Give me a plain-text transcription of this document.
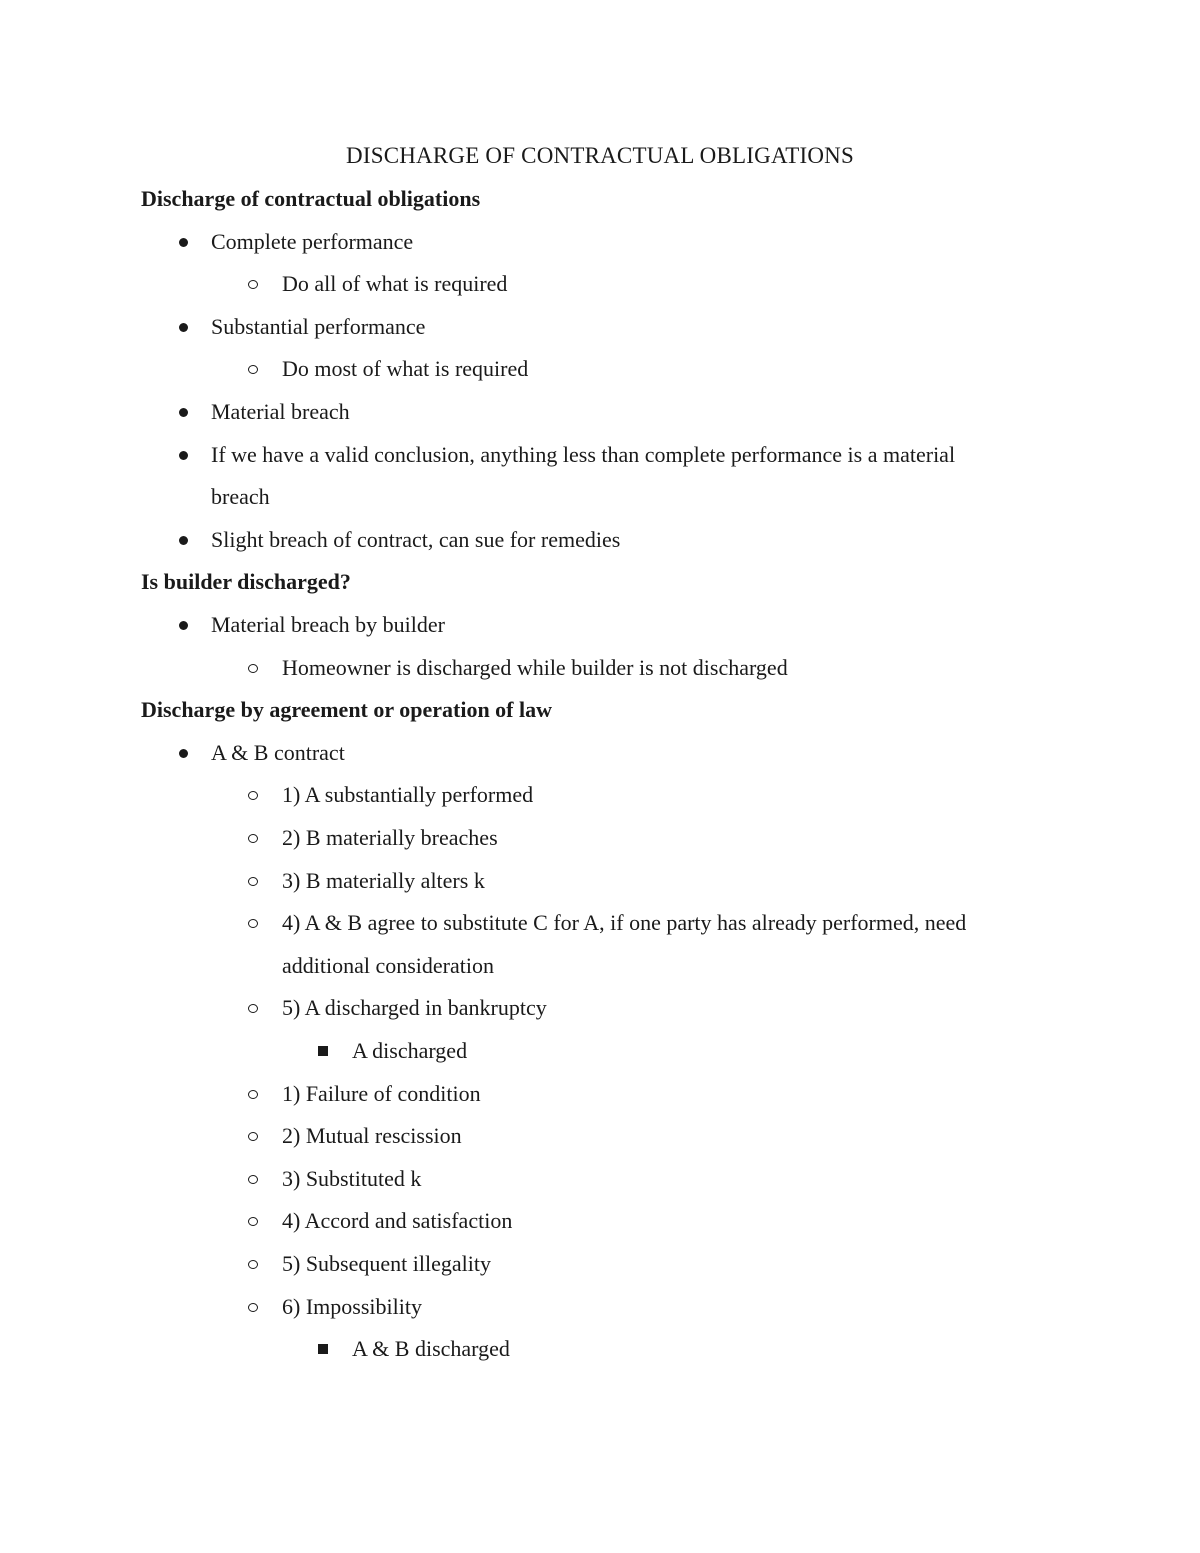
DISCHARGE OF CONTRACTUAL OBLIGATIONS
Discharge of contractual obligations
Complete performance
Do all of what is required
Substantial performance
Do most of what is required
Material breach
If we have a valid conclusion, anything less than complete performance is a material
breach
Slight breach of contract, can sue for remedies
Is builder discharged?
Material breach by builder
Homeowner is discharged while builder is not discharged
Discharge by agreement or operation of law
A & B contract
1) A substantially performed
2) B materially breaches
3) B materially alters k
4) A & B agree to substitute C for A, if one party has already performed, need
additional consideration
5) A discharged in bankruptcy
A discharged
1) Failure of condition
2) Mutual rescission
3) Substituted k
4) Accord and satisfaction
5) Subsequent illegality
6) Impossibility
A & B discharged
